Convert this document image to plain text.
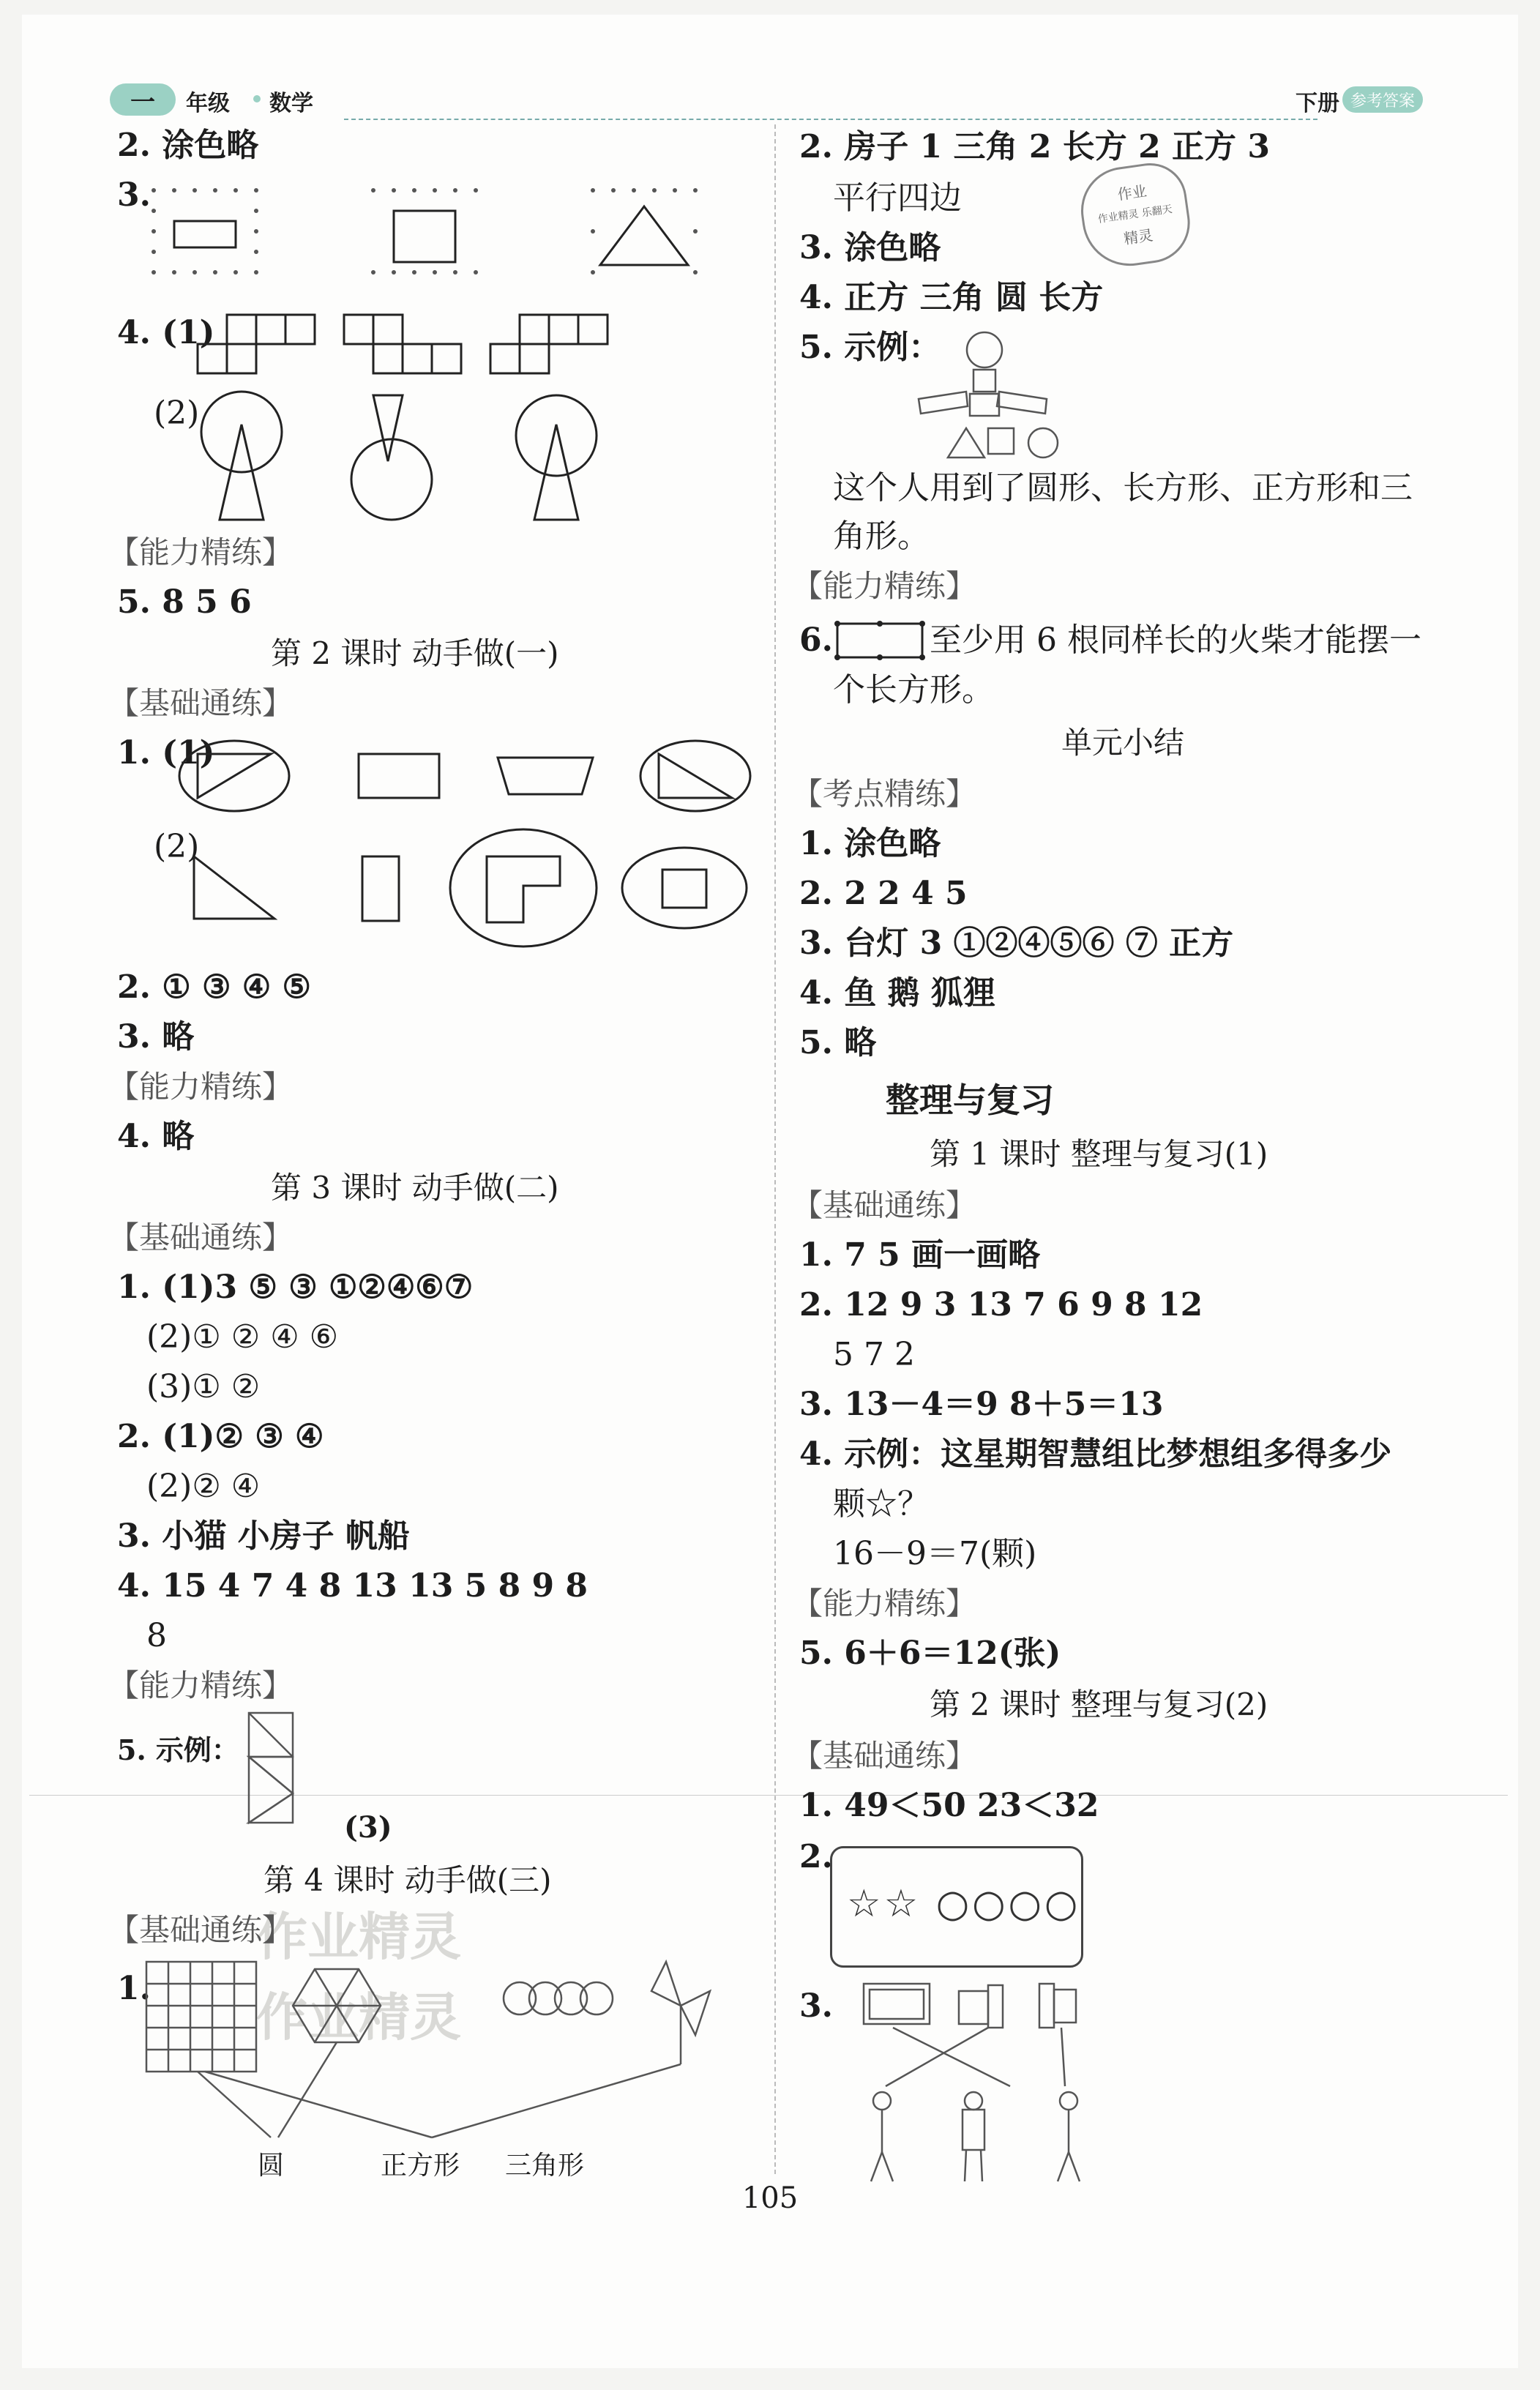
一	年级 数学	下册 参考答案
作业精灵
作业精灵
2. 涂色略
3.
4. (1)
(2)
【能力精练】
5. 8 5 6
第 2 课时 动手做(一)
【基础通练】
1. (1)
(2)
2. ① ③ ④ ⑤
3. 略
【能力精练】
4. 略
第 3 课时 动手做(二)
【基础通练】
1. (1)3 ⑤ ③ ①②④⑥⑦
(2)① ② ④ ⑥
(3)① ②
2. (1)② ③ ④
(2)② ④
3. 小猫 小房子 帆船
4. 15 4 7 4 8 13 13 5 8 9 8
8
【能力精练】
5. 示例：
(3)
第 4 课时 动手做(三)
【基础通练】
1.
圆	正方形 三角形
2. 房子 1 三角 2 长方 2 正方 3
平行四边	作业
作业精灵 乐翻天
精灵
3. 涂色略
4. 正方 三角 圆 长方
5. 示例：
这个人用到了圆形、长方形、正方形和三
角形。
【能力精练】
6.	至少用 6 根同样长的火柴才能摆一
个长方形。
单元小结
【考点精练】
1. 涂色略
2. 2 2 4 5
3. 台灯 3 ①②④⑤⑥ ⑦ 正方
4. 鱼 鹅 狐狸
5. 略
整理与复习
第 1 课时 整理与复习(1)
【基础通练】
1. 7 5 画一画略
2. 12 9 3 13 7 6 9 8 12
5 7 2
3. 13－4＝9 8＋5＝13
4. 示例：这星期智慧组比梦想组多得多少
颗☆？
16－9＝7(颗)
【能力精练】
5. 6＋6＝12(张)
第 2 课时 整理与复习(2)
【基础通练】
1. 49＜50 23＜32
2.
☆☆ ○○○○
3.
105
